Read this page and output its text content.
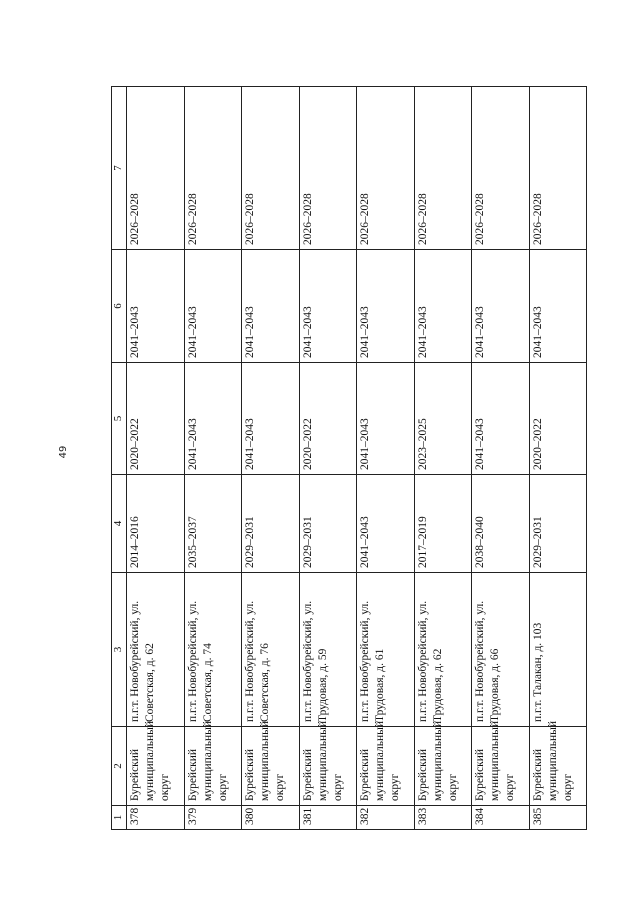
49
1	2	3	4	5	6	7
378	Бурейский муниципальный округ	п.г.т. Новобурейский, ул. Советская, д. 62	2014–2016	2020–2022	2041–2043	2026–2028
379	Бурейский муниципальный округ	п.г.т. Новобурейский, ул. Советская, д. 74	2035–2037	2041–2043	2041–2043	2026–2028
380	Бурейский муниципальный округ	п.г.т. Новобурейский, ул. Советская, д. 76	2029–2031	2041–2043	2041–2043	2026–2028
381	Бурейский муниципальный округ	п.г.т. Новобурейский, ул. Трудовая, д. 59	2029–2031	2020–2022	2041–2043	2026–2028
382	Бурейский муниципальный округ	п.г.т. Новобурейский, ул. Трудовая, д. 61	2041–2043	2041–2043	2041–2043	2026–2028
383	Бурейский муниципальный округ	п.г.т. Новобурейский, ул. Трудовая, д. 62	2017–2019	2023–2025	2041–2043	2026–2028
384	Бурейский муниципальный округ	п.г.т. Новобурейский, ул. Трудовая, д. 66	2038–2040	2041–2043	2041–2043	2026–2028
385	Бурейский муниципальный округ	п.г.т. Талакан, д. 103	2029–2031	2020–2022	2041–2043	2026–2028
